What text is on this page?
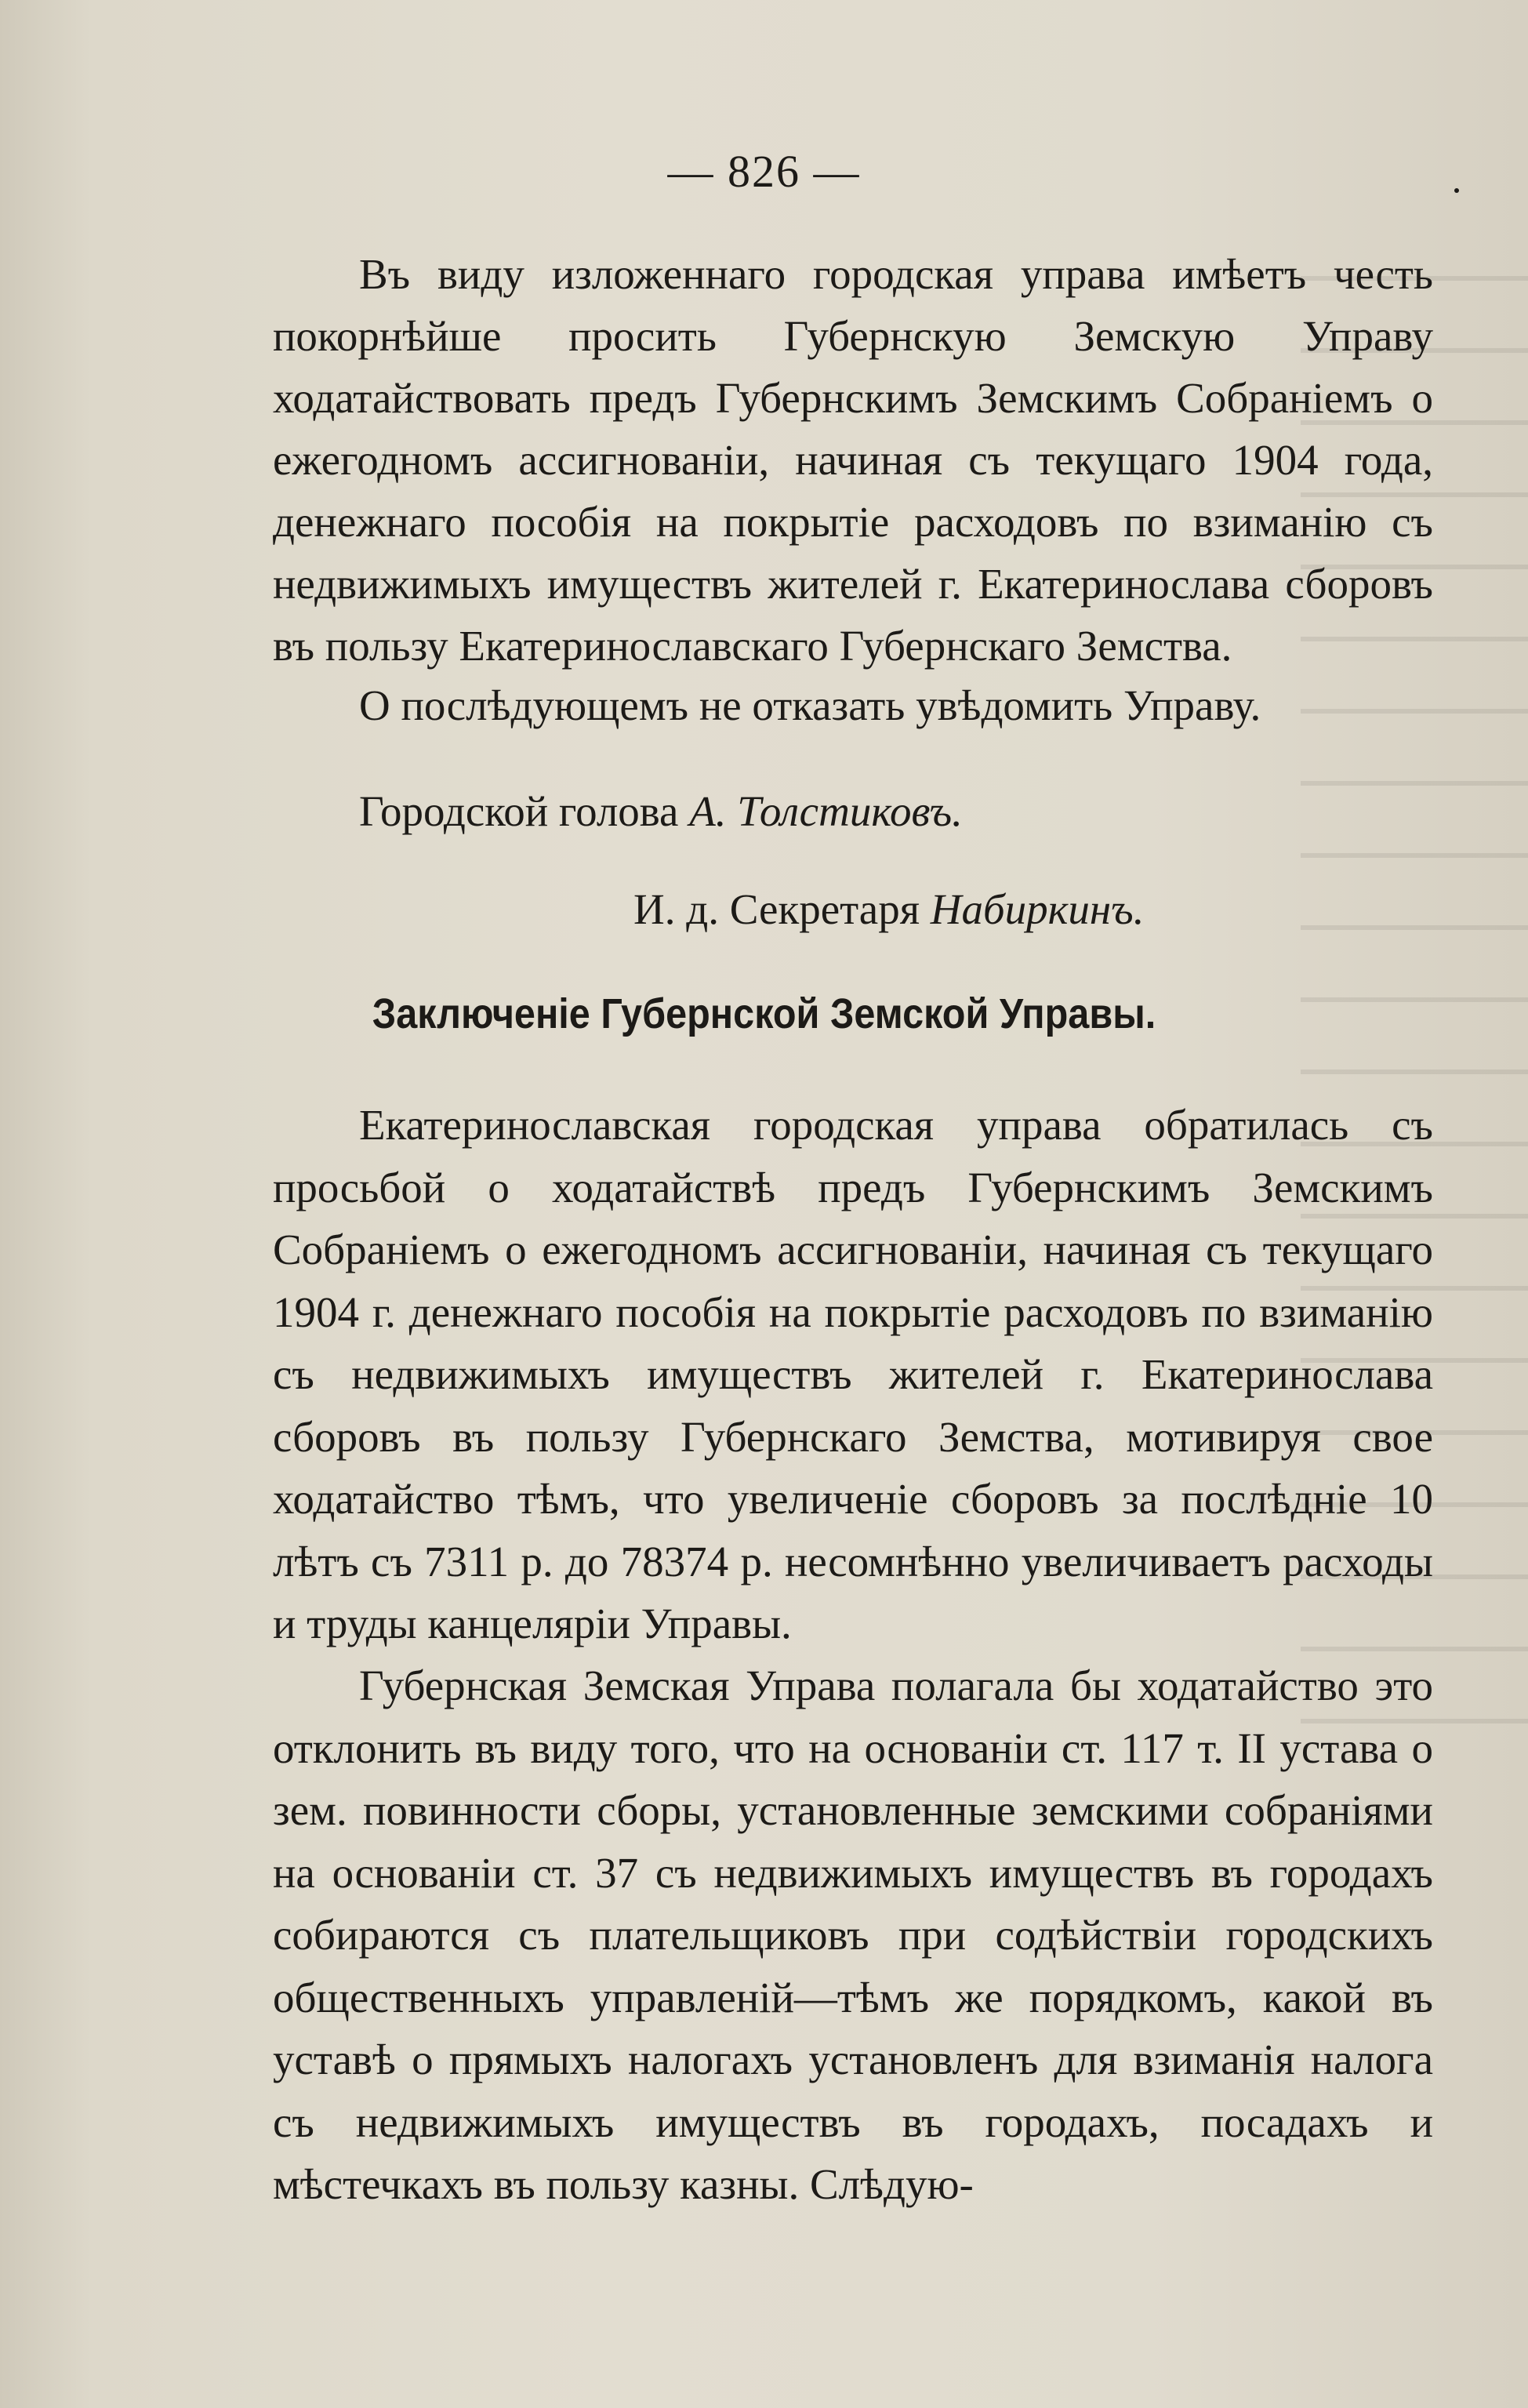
— 826 —

Въ виду изложеннаго городская управа имѣетъ честь покорнѣйше просить Губернскую Земскую Управу ходатайствовать предъ Губернскимъ Земскимъ Собраніемъ о ежегодномъ ассигнованіи, начиная съ текущаго 1904 года, денежнаго пособія на покрытіе расходовъ по взиманію съ недвижимыхъ имуществъ жителей г. Екатеринослава сборовъ въ пользу Екатеринославскаго Губернскаго Земства.

О послѣдующемъ не отказать увѣдомить Управу.

Городской голова А. Толстиковъ.
И. д. Секретаря Набиркинъ.
Заключеніе Губернской Земской Управы.

Екатеринославская городская управа обратилась съ просьбой о ходатайствѣ предъ Губернскимъ Земскимъ Собраніемъ о ежегодномъ ассигнованіи, начиная съ текущаго 1904 г. денежнаго пособія на покрытіе расходовъ по взиманію съ недвижимыхъ имуществъ жителей г. Екатеринослава сборовъ въ пользу Губернскаго Земства, мотивируя свое ходатайство тѣмъ, что увеличеніе сборовъ за послѣдніе 10 лѣтъ съ 7311 р. до 78374 р. несомнѣнно увеличиваетъ расходы и труды канцеляріи Управы.

Губернская Земская Управа полагала бы ходатайство это отклонить въ виду того, что на основаніи ст. 117 т. II устава о зем. повинности сборы, установленные земскими собраніями на основаніи ст. 37 съ недвижимыхъ имуществъ въ городахъ собираются съ плательщиковъ при содѣйствіи городскихъ общественныхъ управленій—тѣмъ же порядкомъ, какой въ уставѣ о прямыхъ налогахъ установленъ для взиманія налога съ недвижимыхъ имуществъ въ городахъ, посадахъ и мѣстечкахъ въ пользу казны. Слѣдую-
